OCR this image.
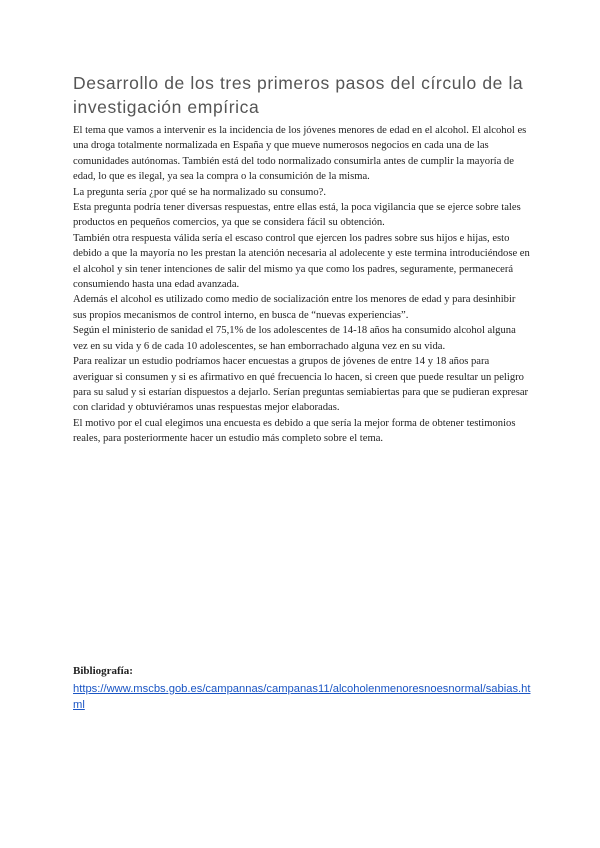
Desarrollo de los tres primeros pasos del círculo de la investigación empírica

El tema que vamos a intervenir es la incidencia de los jóvenes menores de edad en el alcohol. El alcohol es una droga totalmente normalizada en España y que mueve numerosos negocios en cada una de las comunidades autónomas. También está del todo normalizado consumirla antes de cumplir la mayoría de edad, lo que es ilegal, ya sea la compra o la consumición de la misma.

La pregunta sería ¿por qué se ha normalizado su consumo?.

Esta pregunta podría tener diversas respuestas, entre ellas está, la poca vigilancia que se ejerce sobre tales productos en pequeños comercios, ya que se considera fácil su obtención.

También otra respuesta válida sería el escaso control que ejercen los padres sobre sus hijos e hijas, esto debido a que la mayoría no les prestan la atención necesaria al adolecente y este termina introduciéndose en el alcohol y sin tener intenciones de salir del mismo ya que como los padres, seguramente, permanecerá consumiendo hasta una edad avanzada.

Además el alcohol es utilizado como medio de socialización entre los menores de edad y para desinhibir sus propios mecanismos de control interno, en busca de “nuevas experiencias”.

Según el ministerio de sanidad el 75,1% de los adolescentes de 14-18 años ha consumido alcohol alguna vez en su vida y 6 de cada 10 adolescentes, se han emborrachado alguna vez en su vida.

Para realizar un estudio podríamos hacer encuestas a grupos de jóvenes de entre 14 y 18 años para averiguar si consumen y si es afirmativo en qué frecuencia lo hacen, si creen que puede resultar un peligro para su salud y si estarían dispuestos a dejarlo. Serían preguntas semiabiertas para que se pudieran expresar con claridad y obtuviéramos unas respuestas mejor elaboradas.

El motivo por el cual elegimos una encuesta es debido a que sería la mejor forma de obtener testimonios reales, para posteriormente hacer un estudio más completo sobre el tema.

Bibliografía:

https://www.mscbs.gob.es/campannas/campanas11/alcoholenmenoresnoesnormal/sabias.html
